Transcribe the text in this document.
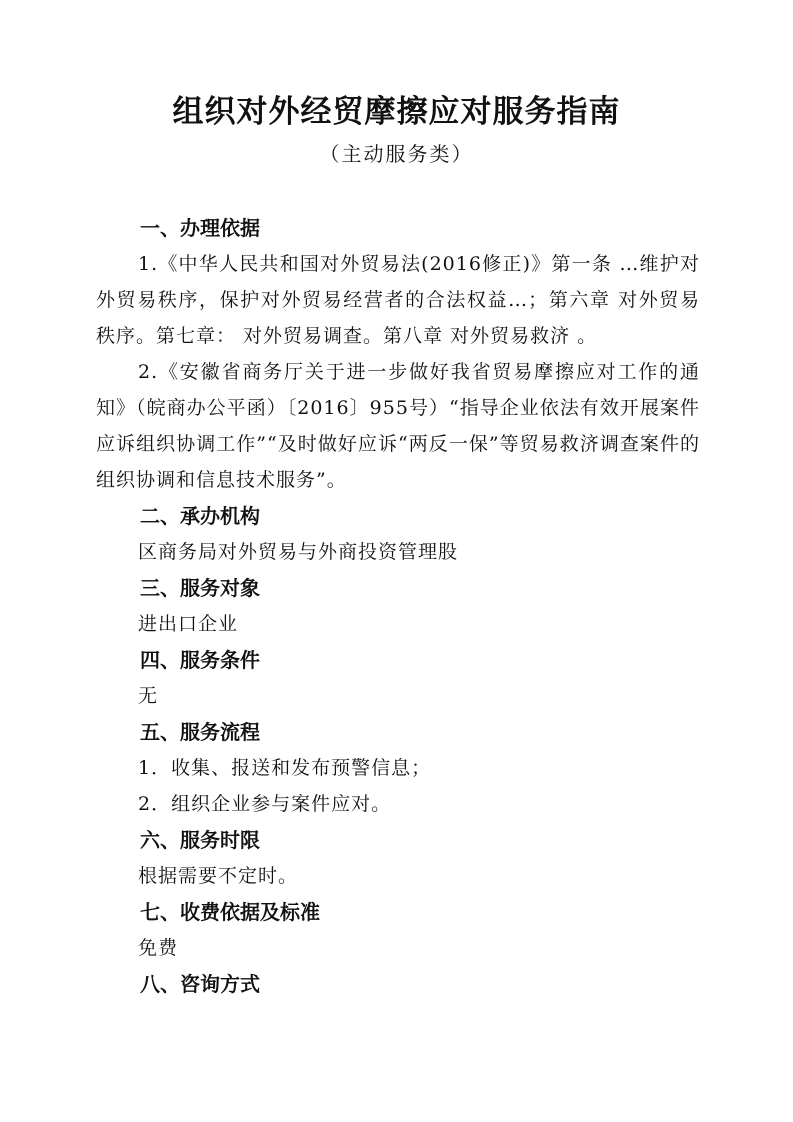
组织对外经贸摩擦应对服务指南
（主动服务类）
一、办理依据
1.《中华人民共和国对外贸易法(2016修正)》第一条 …维护对外贸易秩序，保护对外贸易经营者的合法权益…；第六章 对外贸易秩序。第七章： 对外贸易调查。第八章 对外贸易救济 。
2.《安徽省商务厅关于进一步做好我省贸易摩擦应对工作的通知》（皖商办公平函）〔2016〕955号）“指导企业依法有效开展案件应诉组织协调工作”“及时做好应诉“两反一保”等贸易救济调查案件的组织协调和信息技术服务”。
二、承办机构
区商务局对外贸易与外商投资管理股
三、服务对象
进出口企业
四、服务条件
无
五、服务流程
1．收集、报送和发布预警信息；
2．组织企业参与案件应对。
六、服务时限
根据需要不定时。
七、收费依据及标准
免费
八、咨询方式
